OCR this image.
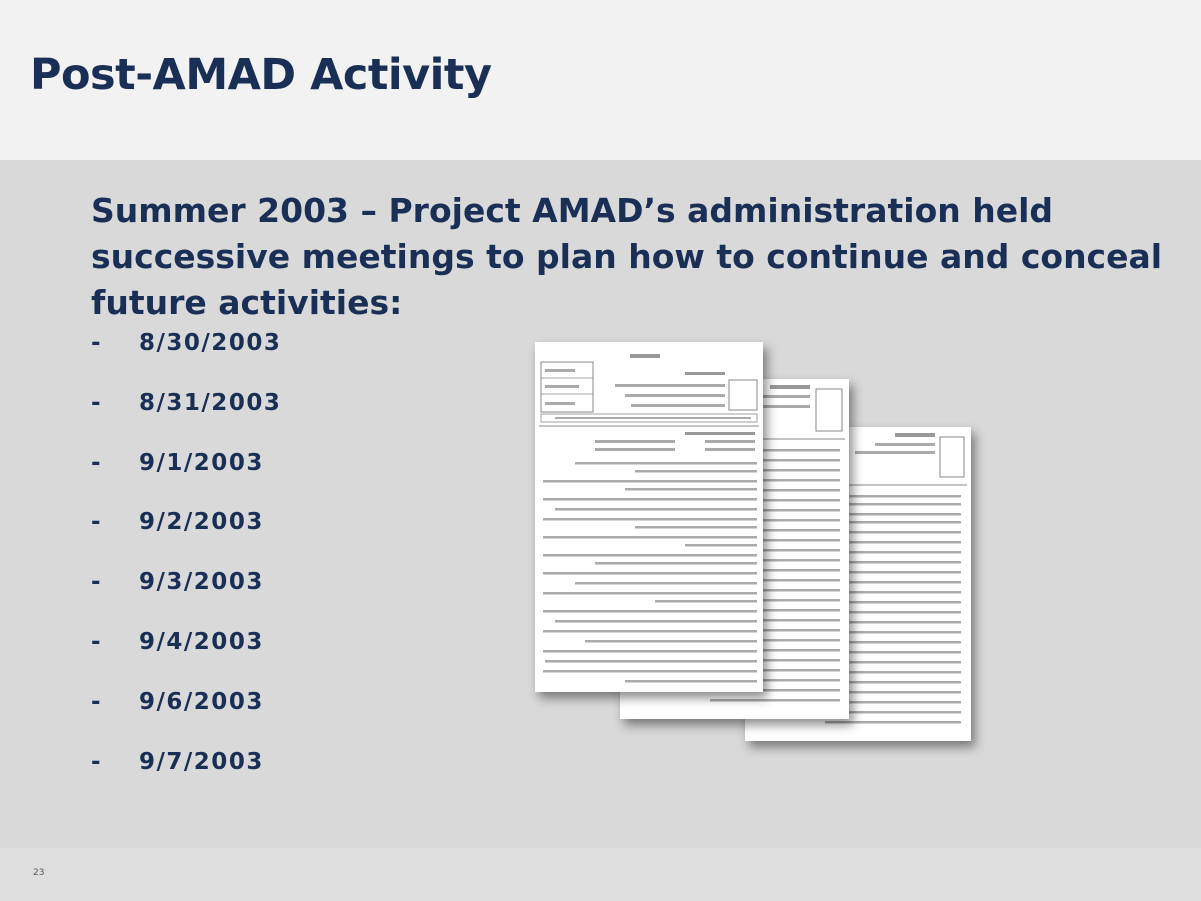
Post-AMAD Activity
Summer 2003 – Project AMAD’s administration held successive meetings to plan how to continue and conceal future activities:
-	8/30/2003
-	8/31/2003
-	9/1/2003
-	9/2/2003
-	9/3/2003
-	9/4/2003
-	9/6/2003
-	9/7/2003
23
